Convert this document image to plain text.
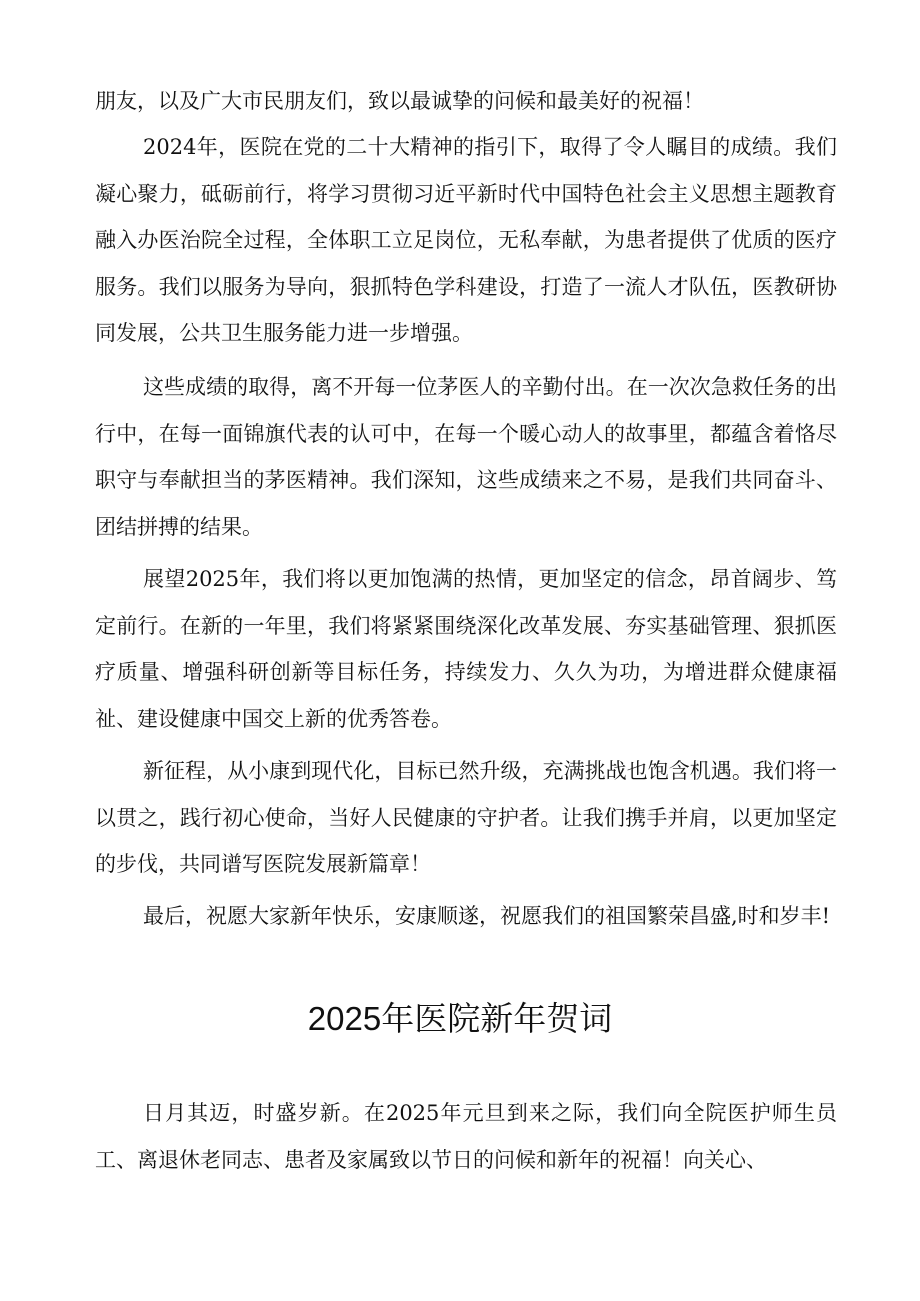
朋友，以及广大市民朋友们，致以最诚挚的问候和最美好的祝福！

2024年，医院在党的二十大精神的指引下，取得了令人瞩目的成绩。我们凝心聚力，砥砺前行，将学习贯彻习近平新时代中国特色社会主义思想主题教育融入办医治院全过程，全体职工立足岗位，无私奉献，为患者提供了优质的医疗服务。我们以服务为导向，狠抓特色学科建设，打造了一流人才队伍，医教研协同发展，公共卫生服务能力进一步增强。

这些成绩的取得，离不开每一位茅医人的辛勤付出。在一次次急救任务的出行中，在每一面锦旗代表的认可中，在每一个暖心动人的故事里，都蕴含着恪尽职守与奉献担当的茅医精神。我们深知，这些成绩来之不易，是我们共同奋斗、团结拼搏的结果。

展望2025年，我们将以更加饱满的热情，更加坚定的信念，昂首阔步、笃定前行。在新的一年里，我们将紧紧围绕深化改革发展、夯实基础管理、狠抓医疗质量、增强科研创新等目标任务，持续发力、久久为功，为增进群众健康福祉、建设健康中国交上新的优秀答卷。

新征程，从小康到现代化，目标已然升级，充满挑战也饱含机遇。我们将一以贯之，践行初心使命，当好人民健康的守护者。让我们携手并肩，以更加坚定的步伐，共同谱写医院发展新篇章！

最后，祝愿大家新年快乐，安康顺遂，祝愿我们的祖国繁荣昌盛,时和岁丰!

2025年医院新年贺词

日月其迈，时盛岁新。在2025年元旦到来之际，我们向全院医护师生员工、离退休老同志、患者及家属致以节日的问候和新年的祝福！向关心、
